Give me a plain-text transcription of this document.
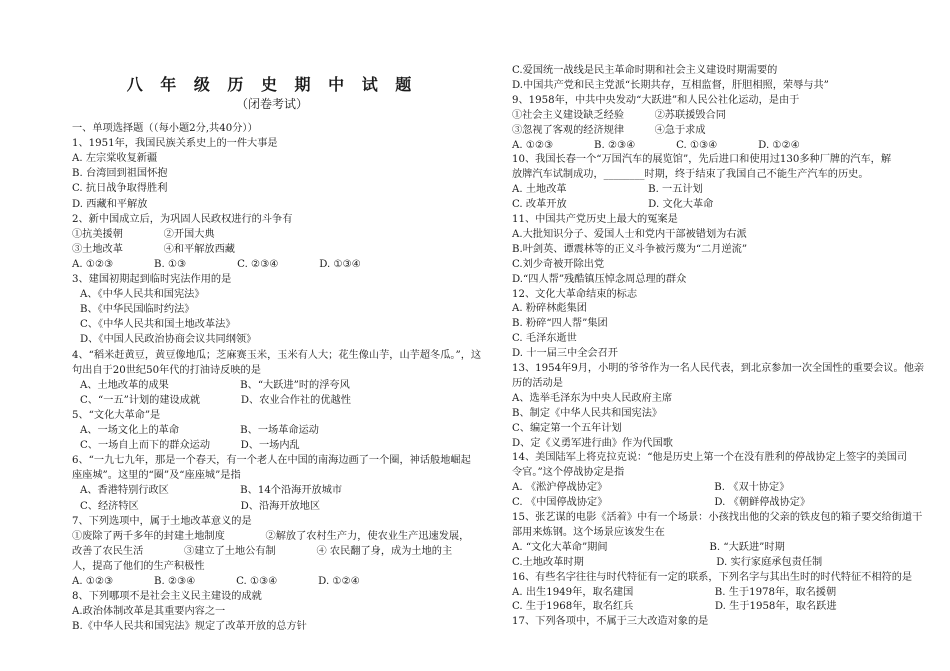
八 年 级 历 史 期 中 试 题
（闭卷考试）
一、单项选择题（（每小题2分,共40分））
1、1951年，我国民族关系史上的一件大事是
A. 左宗棠收复新疆
B. 台湾回到祖国怀抱
C. 抗日战争取得胜利
D. 西藏和平解放
2、新中国成立后，为巩固人民政权进行的斗争有
①抗美援朝　　　　②开国大典
③土地改革　　　　④和平解放西藏
A. ①②③　　　　B. ①③　　　　　C. ②③④　　　　D. ①③④
3、建国初期起到临时宪法作用的是
A、《中华人民共和国宪法》
B、《中华民国临时约法》
C、《中华人民共和国土地改革法》
D、《中国人民政治协商会议共同纲领》
4、“稻米赶黄豆，黄豆像地瓜；芝麻赛玉米，玉米有人大；花生像山芋，山芋超冬瓜。”，这
句出自于20世纪50年代的打油诗反映的是
A、土地改革的成果　　　　　　　B、“大跃进”时的浮夸风
C、“一五”计划的建设成就　　　　D、农业合作社的优越性
5、“文化大革命”是
A、一场文化上的革命　　　　　　B、一场革命运动
C、一场自上而下的群众运动　　　D、一场内乱
6、“一九七九年，那是一个春天，有一个老人在中国的南海边画了一个圈，神话般地崛起
座座城”。这里的“圈”及“座座城”是指
A、香港特别行政区　　　　　　　B、14个沿海开放城市
C、经济特区　　　　　　　　　　D、沿海开放地区
7、下列选项中，属于土地改革意义的是
①废除了两千多年的封建土地制度　　　　②解放了农村生产力，使农业生产迅速发展，
改善了农民生活　　　　③建立了土地公有制　　　　④ 农民翻了身，成为土地的主
人，提高了他们的生产积极性
A. ①②③　　　　B. ②③④　　　　C. ①③④　　　　D. ①②④
8、下列哪项不是社会主义民主建设的成就
A.政治体制改革是其重要内容之一
B.《中华人民共和国宪法》规定了改革开放的总方针
C.爱国统一战线是民主革命时期和社会主义建设时期需要的
D.中国共产党和民主党派“长期共存，互相监督，肝胆相照，荣辱与共”
9、1958年，中共中央发动“大跃进”和人民公社化运动，是由于
①社会主义建设缺乏经验　　　②苏联援毁合同
③忽视了客观的经济规律　　　④急于求成
A. ①②③　　　　B. ②③④　　　　C. ①③④　　　　D. ①②④
10、我国长春一个“万国汽车的展览馆”，先后进口和使用过130多种厂牌的汽车，解
放牌汽车试制成功，________时期，终于结束了我国自己不能生产汽车的历史。
A. 土地改革　　　　　　　　B. 一五计划
C. 改革开放　　　　　　　　D. 文化大革命
11、中国共产党历史上最大的冤案是
A.大批知识分子、爱国人士和党内干部被错划为右派
B.叶剑英、谭震林等的正义斗争被污蔑为“二月逆流”
C.刘少奇被开除出党
D.“四人帮”残酷镇压悼念周总理的群众
12、文化大革命结束的标志
A. 粉碎林彪集团
B. 粉碎“四人帮”集团
C. 毛泽东逝世
D. 十一届三中全会召开
13、1954年9月，小明的爷爷作为一名人民代表，到北京参加一次全国性的重要会议。他亲
历的活动是
A、选举毛泽东为中央人民政府主席
B、制定《中华人民共和国宪法》
C、编定第一个五年计划
D、定《义勇军进行曲》作为代国歌
14、美国陆军上将克拉克说：“他是历史上第一个在没有胜利的停战协定上签字的美国司
令官。”这个停战协定是指
A. 《淞沪停战协定》　　　　　　　　　　　B. 《双十协定》
C. 《中国停战协定》　　　　　　　　　　　D. 《朝鲜停战协定》
15、张艺谋的电影《活着》中有一个场景：小孩找出他的父亲的铁皮包的箱子要交给街道干
部用来炼钢。这个场景应该发生在
A. “文化大革命”期间　　　　　　　　　　B. “大跃进”时期
C.土地改革时期　　　　　　　　　　　　　D. 实行家庭承包责任制
16、有些名字往往与时代特征有一定的联系，下列名字与其出生时的时代特征不相符的是
A. 出生1949年，取名建国　　　　　　　　B. 生于1978年，取名援朝
C. 生于1968年，取名红兵　　　　　　　　D. 生于1958年，取名跃进
17、下列各项中，不属于三大改造对象的是
